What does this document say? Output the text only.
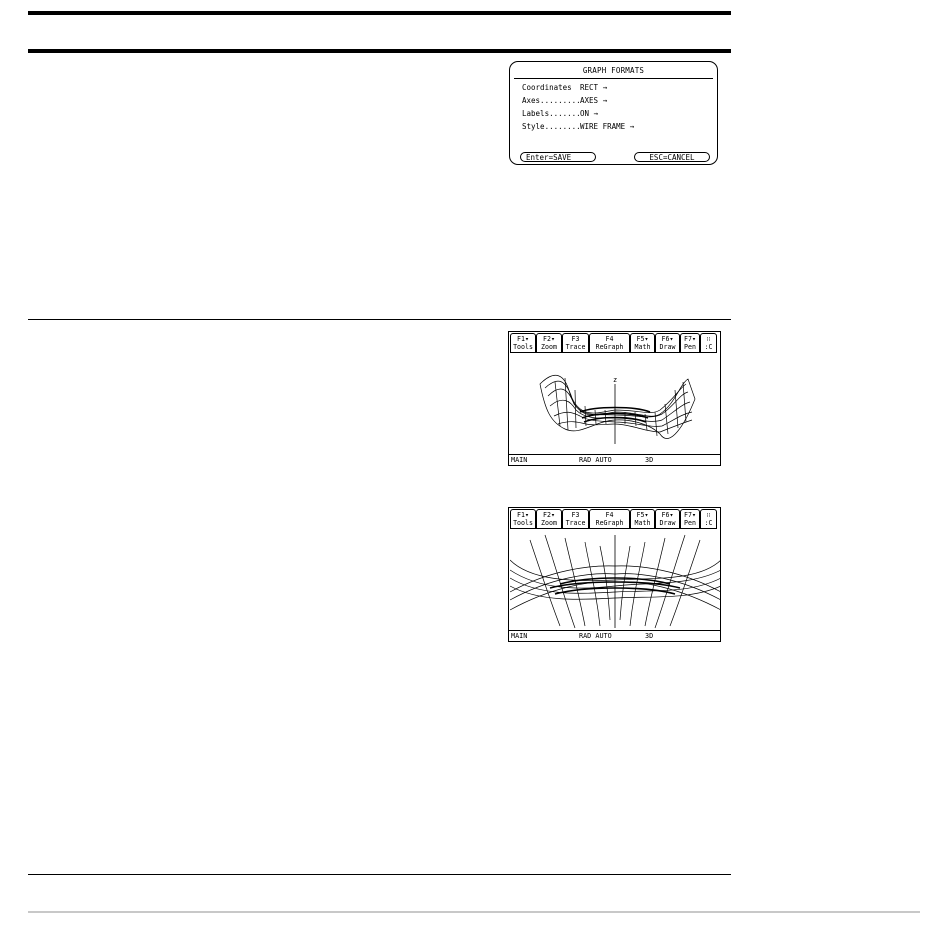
GRAPH FORMATS
Coordinates RECT →
Axes.........AXES →
Labels.......ON →
Style........WIRE FRAME →
Enter=SAVE	ESC=CANCEL
F1▾
Tools
F2▾
Zoom
F3
Trace
F4
ReGraph
F5▾
Math
F6▾
Draw
F7▾
Pen
∷
:C
z
MAIN	RAD AUTO	3D
F1▾
Tools
F2▾
Zoom
F3
Trace
F4
ReGraph
F5▾
Math
F6▾
Draw
F7▾
Pen
∷
:C
MAIN	RAD AUTO	3D
